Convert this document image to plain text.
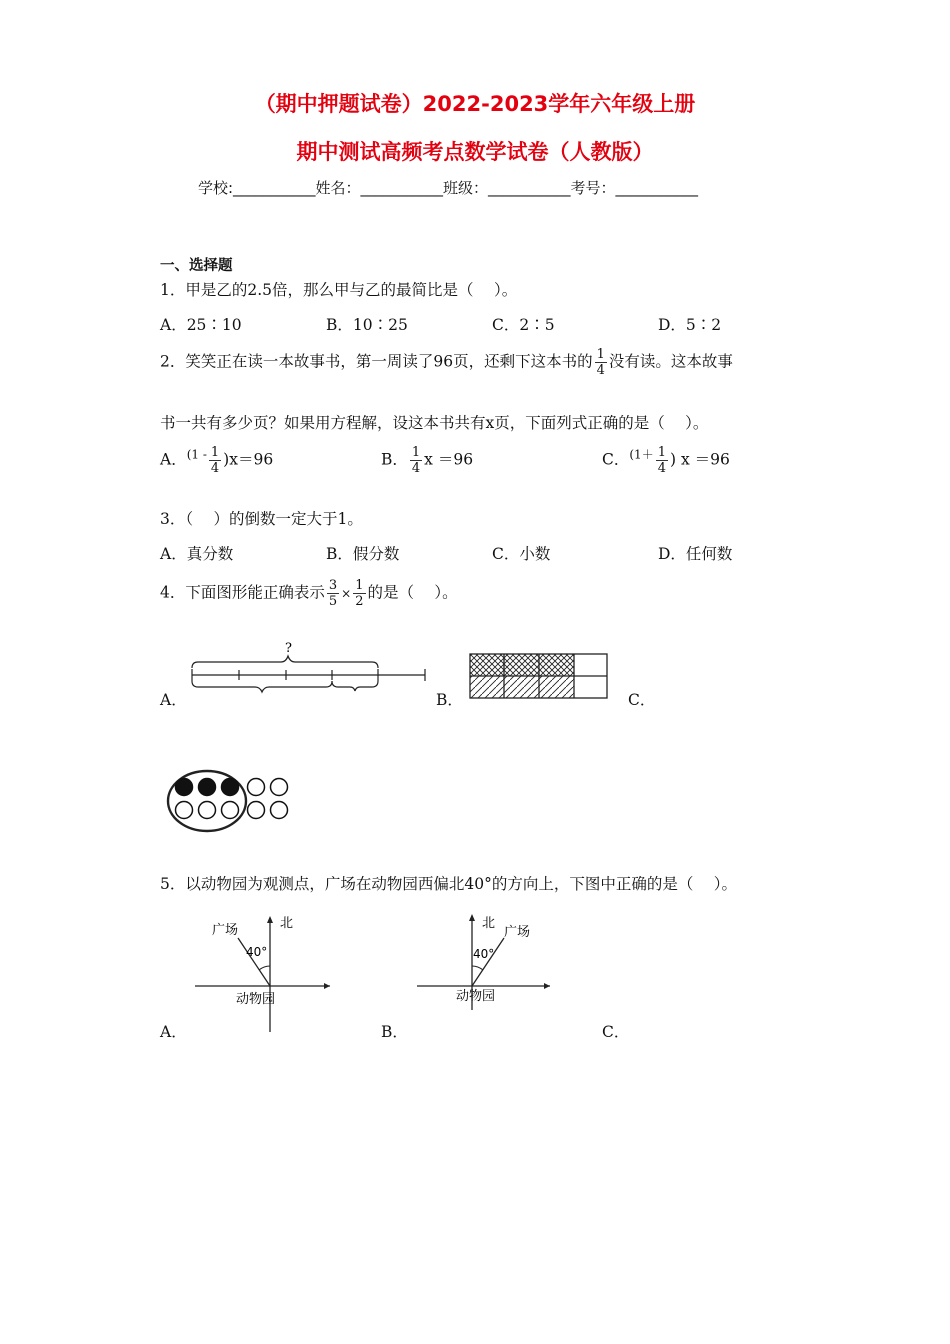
（期中押题试卷）2022-2023学年六年级上册
期中测试高频考点数学试卷（人教版）
学校:___________姓名：___________班级：___________考号：___________
一、选择题
1．甲是乙的2.5倍，那么甲与乙的最简比是（　 ）。
A．25∶10	B．10∶25	C．2∶5	D．5∶2
2．笑笑正在读一本故事书，第一周读了96页，还剩下这本书的 $\frac{1}{4}$ 没有读。这本故事
书一共有多少页？如果用方程解，设这本书共有x页，下面列式正确的是（　 ）。
A．$^{(1 -} \frac{1}{4} )x=96$	B． $\frac{1}{4}$ x ＝96	C．$^{(1+} \frac{1}{4}$ ) x ＝96
3．（　 ）的倒数一定大于1。
A．真分数	B．假分数	C．小数	D．任何数
4．下面图形能正确表示 $\frac{3}{5} \times \frac{1}{2}$ 的是（　 ）。
A．	B．	C．
?
5．以动物园为观测点，广场在动物园西偏北40°的方向上，下图中正确的是（　 ）。
A．	B．	C．
北
广场
40°
动物园
北
广场
40°
动物园
